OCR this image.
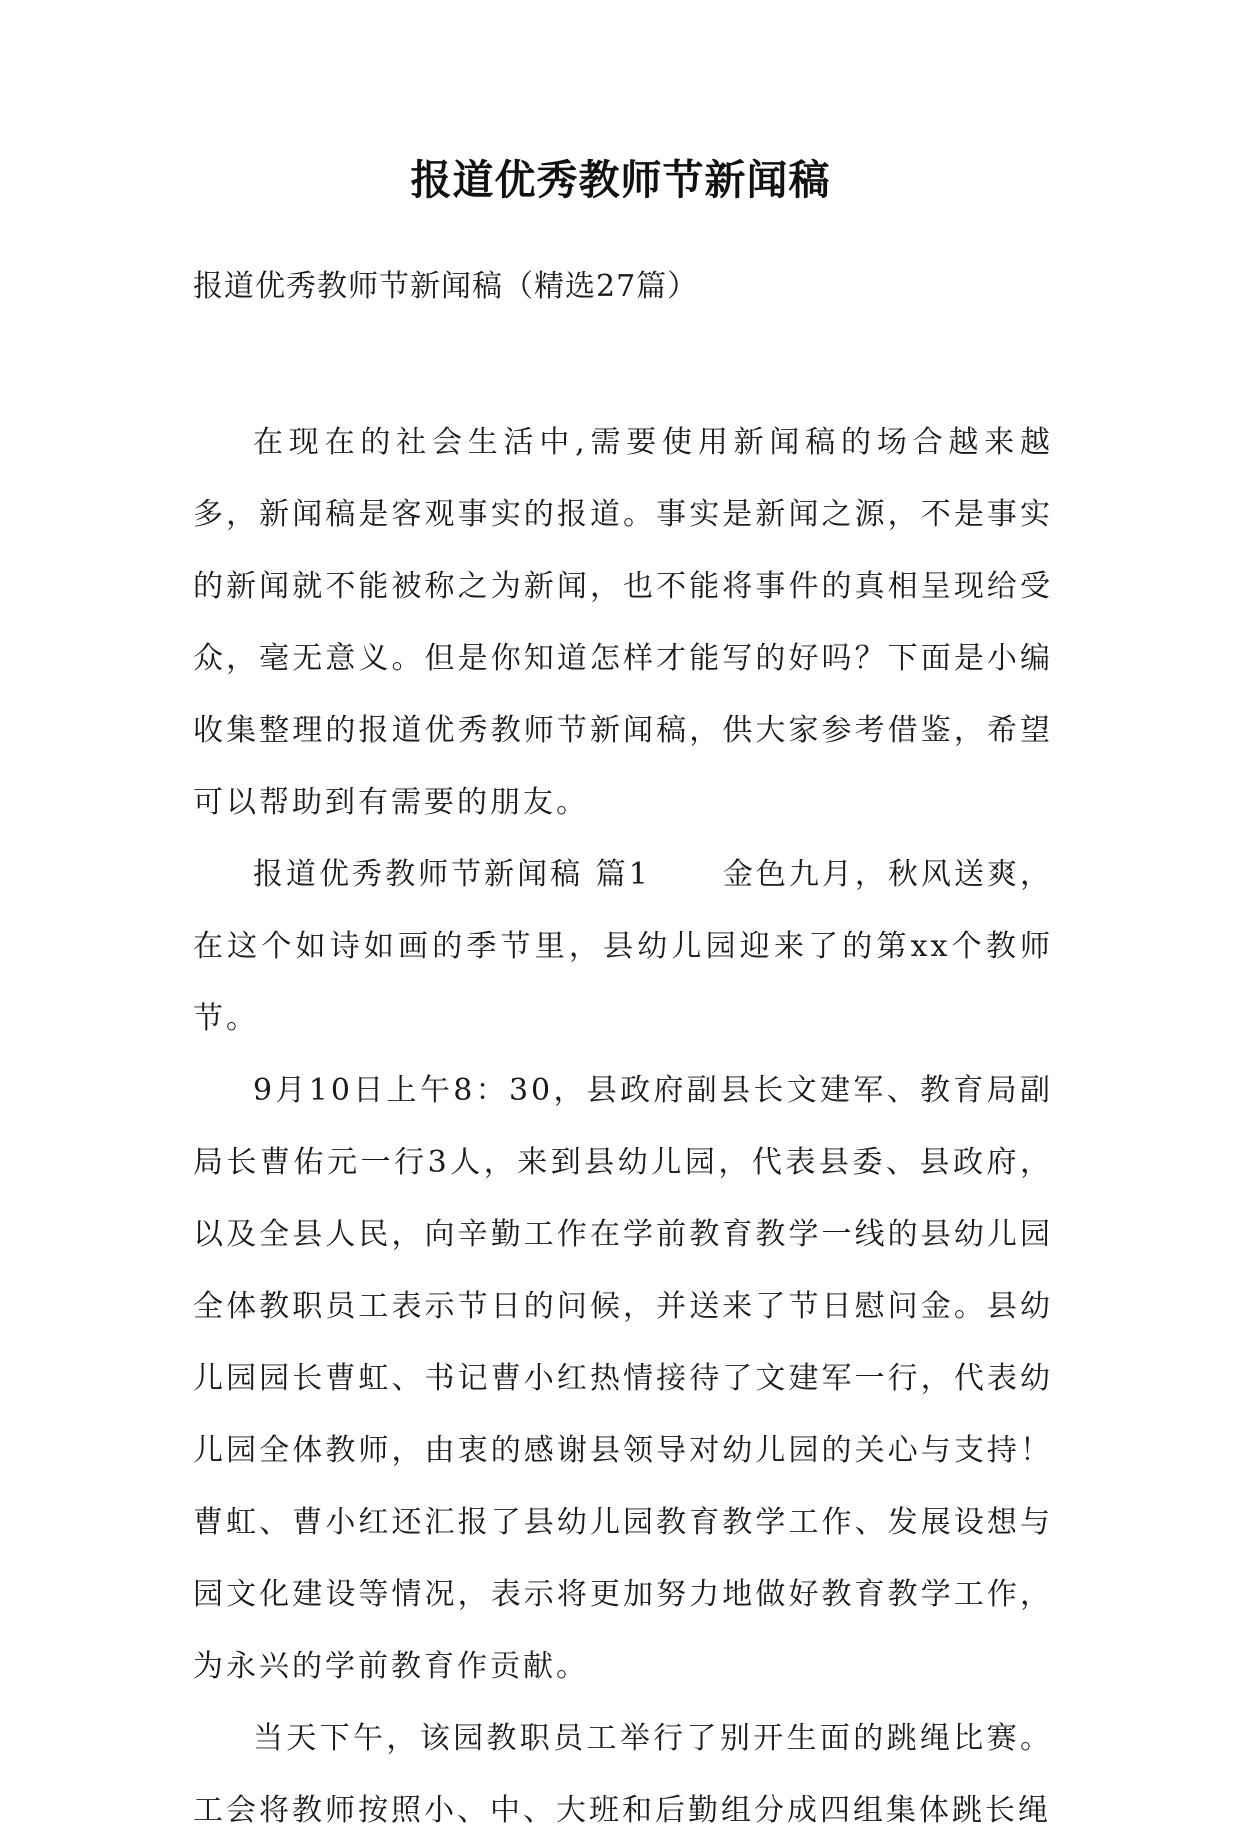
报道优秀教师节新闻稿
报道优秀教师节新闻稿（精选27篇）

在现在的社会生活中,需要使用新闻稿的场合越来越多，新闻稿是客观事实的报道。事实是新闻之源，不是事实的新闻就不能被称之为新闻，也不能将事件的真相呈现给受众，毫无意义。但是你知道怎样才能写的好吗？下面是小编收集整理的报道优秀教师节新闻稿，供大家参考借鉴，希望可以帮助到有需要的朋友。

报道优秀教师节新闻稿 篇1 金色九月，秋风送爽，在这个如诗如画的季节里，县幼儿园迎来了的第xx个教师节。

9月10日上午8：30，县政府副县长文建军、教育局副局长曹佑元一行3人，来到县幼儿园，代表县委、县政府，以及全县人民，向辛勤工作在学前教育教学一线的县幼儿园全体教职员工表示节日的问候，并送来了节日慰问金。县幼儿园园长曹虹、书记曹小红热情接待了文建军一行，代表幼儿园全体教师，由衷的感谢县领导对幼儿园的关心与支持！曹虹、曹小红还汇报了县幼儿园教育教学工作、发展设想与园文化建设等情况，表示将更加努力地做好教育教学工作，为永兴的学前教育作贡献。

当天下午，该园教职员工举行了别开生面的跳绳比赛。工会将教师按照小、中、大班和后勤组分成四组集体跳长绳
